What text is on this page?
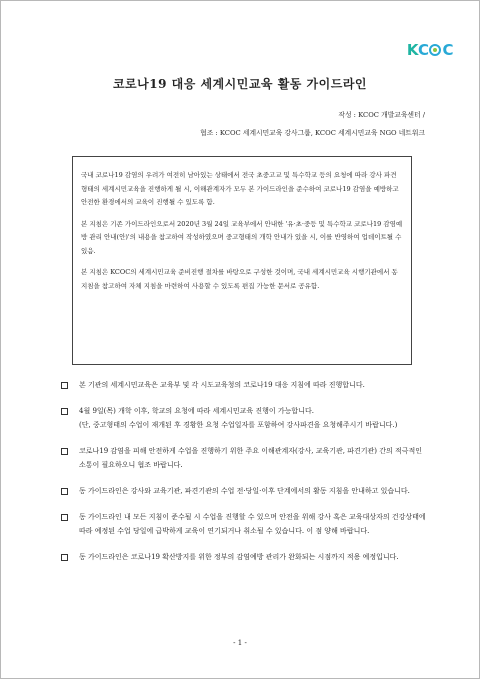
K C C
코로나19 대응 세계시민교육 활동 가이드라인
작성 : KCOC 개발교육센터 /
협조 : KCOC 세계시민교육 강사그룹, KCOC 세계시민교육 NGO 네트워크

국내 코로나19 감염의 우려가 여전히 남아있는 상태에서 전국 초중고교 및 특수학교 등의 요청에 따라 강사 파견 형태의 세계시민교육을 진행하게 될 시, 이해관계자가 모두 본 가이드라인을 준수하여 코로나19 감염을 예방하고 안전한 환경에서의 교육이 진행될 수 있도록 함.

본 지침은 기존 가이드라인으로서 2020년 3월 24일 교육부에서 안내한 '유·초·중등 및 특수학교 코로나19 감염예방 관리 안내(안)'의 내용을 참고하여 작성하였으며 중고형태의 개학 안내가 있을 시, 이를 반영하여 업데이트될 수 있음.

본 지침은 KCOC의 세계시민교육 준비진행 절차를 바탕으로 구성한 것이며, 국내 세계시민교육 시행기관에서 동 지침을 참고하여 자체 지침을 마련하여 사용할 수 있도록 편집 가능한 문서로 공유함.

본 기관의 세계시민교육은 교육부 및 각 시도교육청의 코로나19 대응 지침에 따라 진행합니다.
4월 9일(목) 개학 이후, 학교의 요청에 따라 세계시민교육 진행이 가능합니다.
(단, 중고형태의 수업이 재개된 후 경황한 요청 수업일자를 포함하여 강사파견을 요청해주시기 바랍니다.)
코로나19 감염을 피해 안전하게 수업을 진행하기 위한 주요 이해관계자(강사, 교육기관, 파견기관) 간의 적극적인 소통이 필요하오니 협조 바랍니다.
동 가이드라인은 강사와 교육기관, 파견기관의 수업 전·당일·이후 단계에서의 활동 지침을 안내하고 있습니다.
동 가이드라인 내 모든 지침이 준수될 시 수업을 진행할 수 있으며 안전을 위해 강사 혹은 교육대상자의 건강상태에 따라 예정된 수업 당일에 급박하게 교육이 연기되거나 취소될 수 있습니다. 이 점 양해 바랍니다.
동 가이드라인은 코로나19 확산방지를 위한 정부의 감염예방 관리가 완화되는 시점까지 적용 예정입니다.
- 1 -
